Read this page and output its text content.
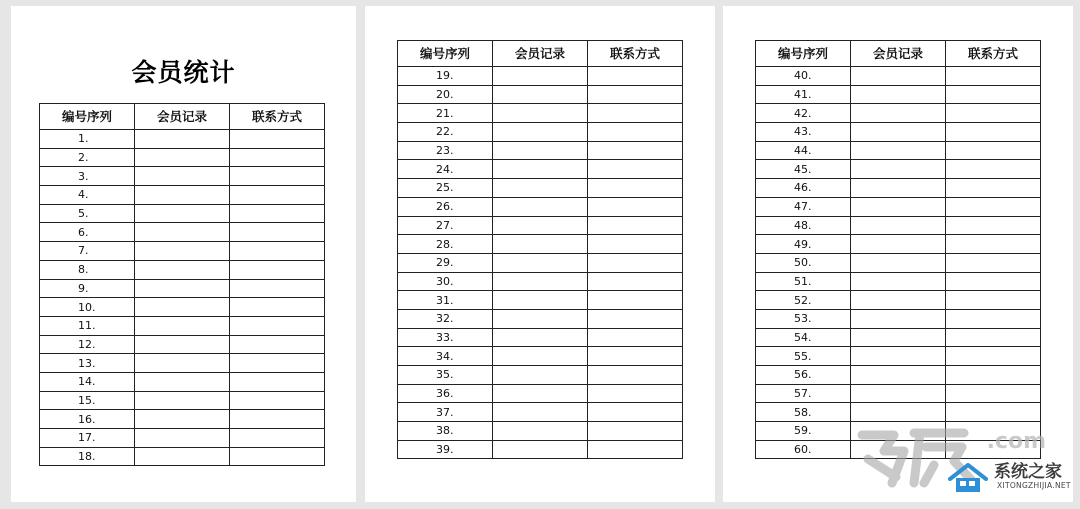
会员统计
编号序列	会员记录	联系方式
1.		
2.		
3.		
4.		
5.		
6.		
7.		
8.		
9.		
10.		
11.		
12.		
13.		
14.		
15.		
16.		
17.		
18.		
编号序列	会员记录	联系方式
19.		
20.		
21.		
22.		
23.		
24.		
25.		
26.		
27.		
28.		
29.		
30.		
31.		
32.		
33.		
34.		
35.		
36.		
37.		
38.		
39.		
编号序列	会员记录	联系方式
40.		
41.		
42.		
43.		
44.		
45.		
46.		
47.		
48.		
49.		
50.		
51.		
52.		
53.		
54.		
55.		
56.		
57.		
58.		
59.		
60.			.com
系统之家
XITONGZHIJIA.NET
